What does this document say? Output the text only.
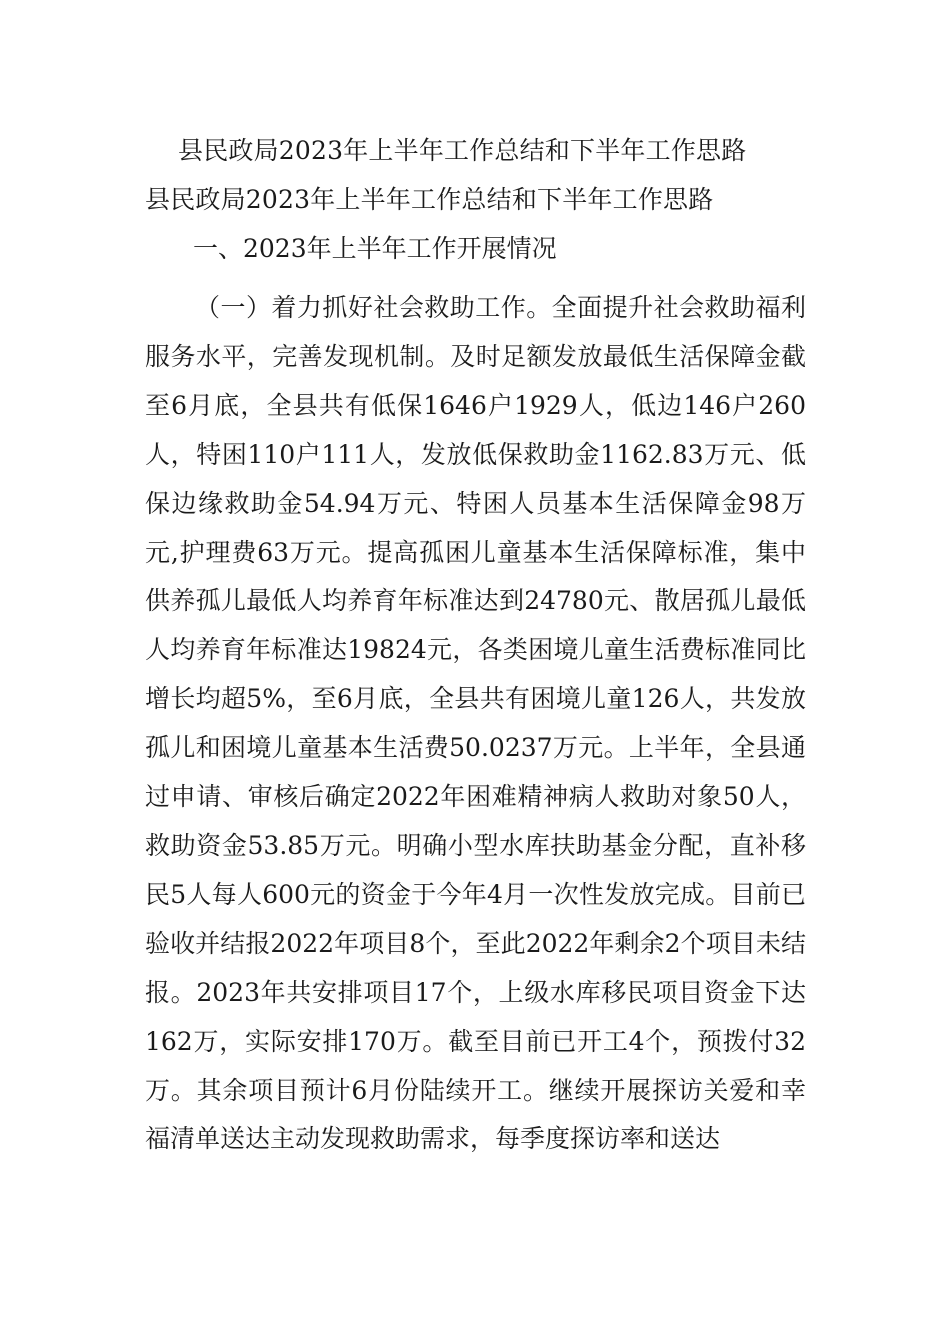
县民政局2023年上半年工作总结和下半年工作思路
县民政局2023年上半年工作总结和下半年工作思路
一、2023年上半年工作开展情况

（一）着力抓好社会救助工作。全面提升社会救助福利服务水平，完善发现机制。及时足额发放最低生活保障金截至6月底，全县共有低保1646户1929人，低边146户260人，特困110户111人，发放低保救助金1162.83万元、低保边缘救助金54.94万元、特困人员基本生活保障金98万元,护理费63万元。提高孤困儿童基本生活保障标准，集中供养孤儿最低人均养育年标准达到24780元、散居孤儿最低人均养育年标准达19824元，各类困境儿童生活费标准同比增长均超5%，至6月底，全县共有困境儿童126人，共发放孤儿和困境儿童基本生活费50.0237万元。上半年，全县通过申请、审核后确定2022年困难精神病人救助对象50人，救助资金53.85万元。明确小型水库扶助基金分配，直补移民5人每人600元的资金于今年4月一次性发放完成。目前已验收并结报2022年项目8个，至此2022年剩余2个项目未结报。2023年共安排项目17个，上级水库移民项目资金下达162万，实际安排170万。截至目前已开工4个，预拨付32万。其余项目预计6月份陆续开工。继续开展探访关爱和幸福清单送达主动发现救助需求，每季度探访率和送达
